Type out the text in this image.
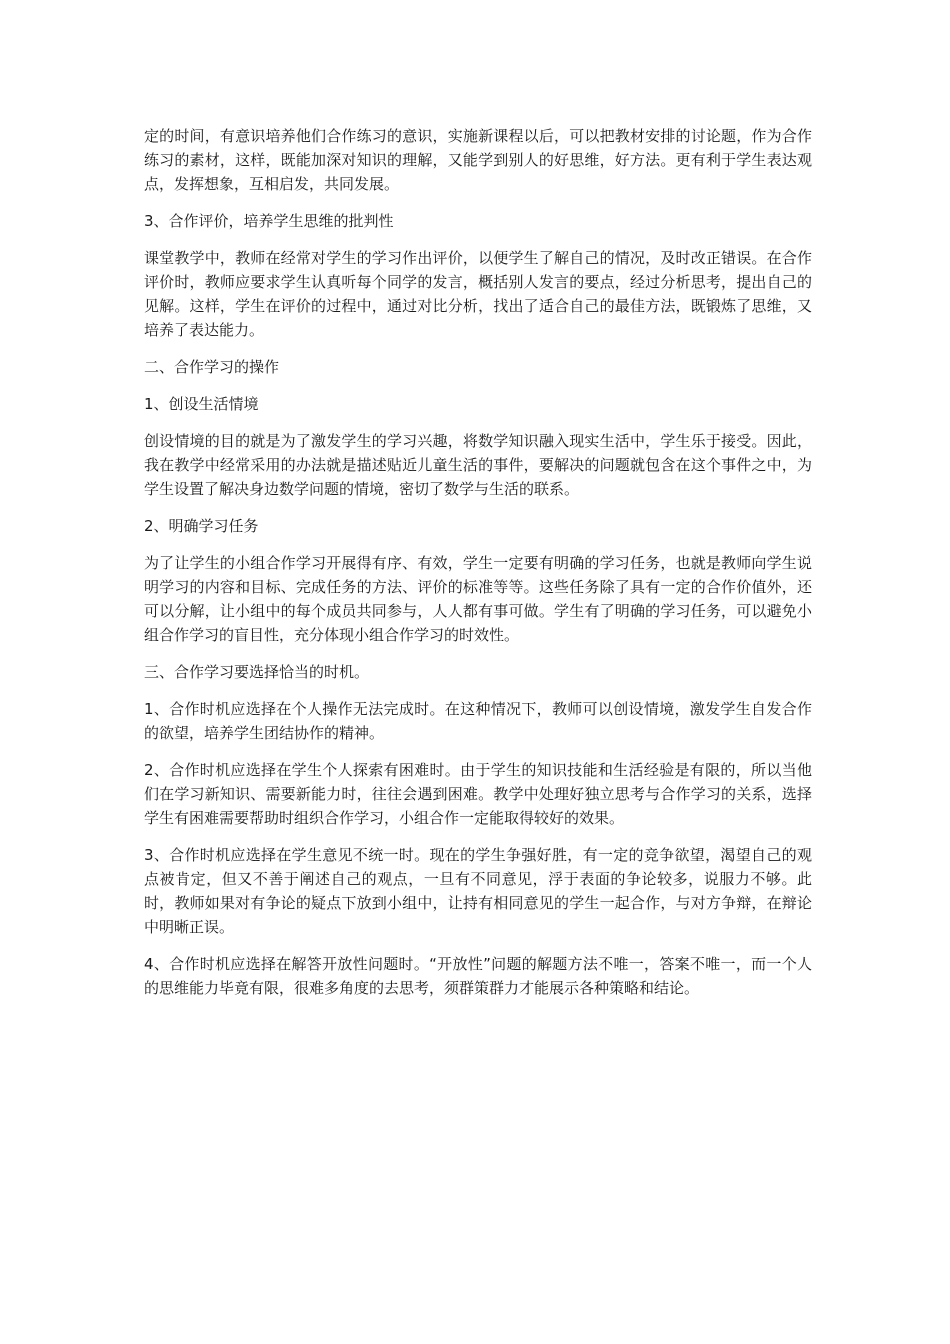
定的时间，有意识培养他们合作练习的意识，实施新课程以后，可以把教材安排的讨论题，作为合作练习的素材，这样，既能加深对知识的理解，又能学到别人的好思维，好方法。更有利于学生表达观点，发挥想象，互相启发，共同发展。

3、合作评价，培养学生思维的批判性

课堂教学中，教师在经常对学生的学习作出评价，以便学生了解自己的情况，及时改正错误。在合作评价时，教师应要求学生认真听每个同学的发言，概括别人发言的要点，经过分析思考，提出自己的见解。这样，学生在评价的过程中，通过对比分析，找出了适合自己的最佳方法，既锻炼了思维，又培养了表达能力。

二、合作学习的操作

1、创设生活情境

创设情境的目的就是为了激发学生的学习兴趣，将数学知识融入现实生活中，学生乐于接受。因此，我在教学中经常采用的办法就是描述贴近儿童生活的事件，要解决的问题就包含在这个事件之中，为学生设置了解决身边数学问题的情境，密切了数学与生活的联系。

2、明确学习任务

为了让学生的小组合作学习开展得有序、有效，学生一定要有明确的学习任务，也就是教师向学生说明学习的内容和目标、完成任务的方法、评价的标准等等。这些任务除了具有一定的合作价值外，还可以分解，让小组中的每个成员共同参与，人人都有事可做。学生有了明确的学习任务，可以避免小组合作学习的盲目性，充分体现小组合作学习的时效性。

三、合作学习要选择恰当的时机。

1、合作时机应选择在个人操作无法完成时。在这种情况下，教师可以创设情境，激发学生自发合作的欲望，培养学生团结协作的精神。

2、合作时机应选择在学生个人探索有困难时。由于学生的知识技能和生活经验是有限的，所以当他们在学习新知识、需要新能力时，往往会遇到困难。教学中处理好独立思考与合作学习的关系，选择学生有困难需要帮助时组织合作学习，小组合作一定能取得较好的效果。

3、合作时机应选择在学生意见不统一时。现在的学生争强好胜，有一定的竞争欲望，渴望自己的观点被肯定，但又不善于阐述自己的观点，一旦有不同意见，浮于表面的争论较多，说服力不够。此时，教师如果对有争论的疑点下放到小组中，让持有相同意见的学生一起合作，与对方争辩，在辩论中明晰正误。

4、合作时机应选择在解答开放性问题时。“开放性”问题的解题方法不唯一，答案不唯一，而一个人的思维能力毕竟有限，很难多角度的去思考，须群策群力才能展示各种策略和结论。
